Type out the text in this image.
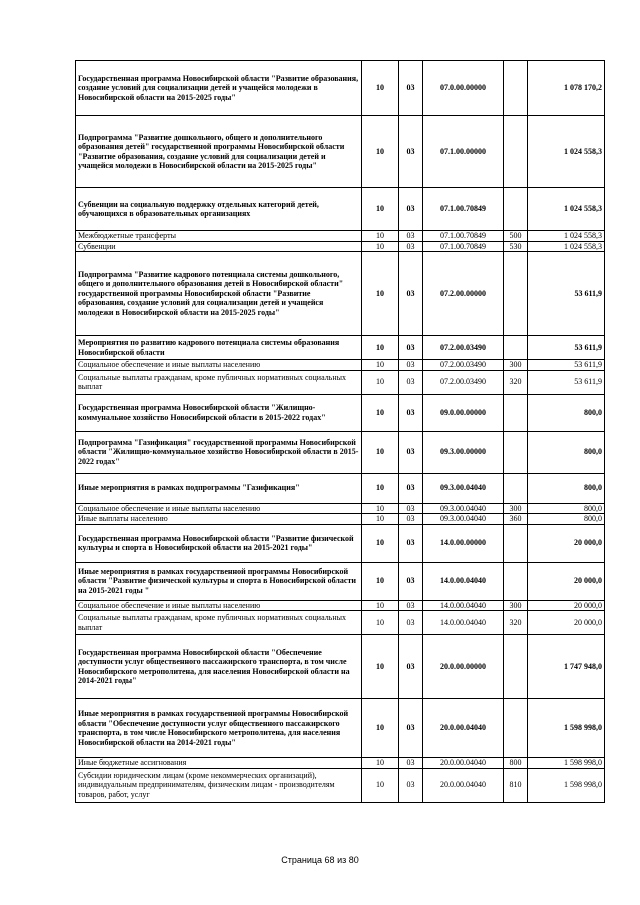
Государственная программа Новосибирской области "Развитие образования, создание условий для социализации детей и учащейся молодежи в Новосибирской области на 2015-2025 годы"	10	03	07.0.00.00000		1 078 170,2
Подпрограмма "Развитие дошкольного, общего и дополнительного образования детей" государственной программы Новосибирской области "Развитие образования, создание условий для социализации детей и учащейся молодежи в Новосибирской области на 2015-2025 годы"	10	03	07.1.00.00000		1 024 558,3
Субвенции на социальную поддержку отдельных категорий детей, обучающихся в образовательных организациях	10	03	07.1.00.70849		1 024 558,3
Межбюджетные трансферты	10	03	07.1.00.70849	500	1 024 558,3
Субвенции	10	03	07.1.00.70849	530	1 024 558,3
Подпрограмма "Развитие кадрового потенциала системы дошкольного, общего и дополнительного образования детей в Новосибирской области" государственной программы Новосибирской области "Развитие образования, создание условий для социализации детей и учащейся молодежи в Новосибирской области на 2015-2025 годы"	10	03	07.2.00.00000		53 611,9
Мероприятия по развитию кадрового потенциала системы образования Новосибирской области	10	03	07.2.00.03490		53 611,9
Социальное обеспечение и иные выплаты населению	10	03	07.2.00.03490	300	53 611,9
Социальные выплаты гражданам, кроме публичных нормативных социальных выплат	10	03	07.2.00.03490	320	53 611,9
Государственная программа Новосибирской области "Жилищно-коммунальное хозяйство Новосибирской области в 2015-2022 годах"	10	03	09.0.00.00000		800,0
Подпрограмма "Газификация" государственной программы Новосибирской области "Жилищно-коммунальное хозяйство Новосибирской области в 2015-2022 годах"	10	03	09.3.00.00000		800,0
Иные мероприятия в рамках подпрограммы "Газификация"	10	03	09.3.00.04040		800,0
Социальное обеспечение и иные выплаты населению	10	03	09.3.00.04040	300	800,0
Иные выплаты населению	10	03	09.3.00.04040	360	800,0
Государственная программа Новосибирской области "Развитие физической культуры и спорта в Новосибирской области на 2015-2021 годы"	10	03	14.0.00.00000		20 000,0
Иные мероприятия в рамках государственной программы Новосибирской области "Развитие физической культуры и спорта в Новосибирской области на 2015-2021 годы "	10	03	14.0.00.04040		20 000,0
Социальное обеспечение и иные выплаты населению	10	03	14.0.00.04040	300	20 000,0
Социальные выплаты гражданам, кроме публичных нормативных социальных выплат	10	03	14.0.00.04040	320	20 000,0
Государственная программа Новосибирской области "Обеспечение доступности услуг общественного пассажирского транспорта, в том числе Новосибирского метрополитена, для населения Новосибирской области на 2014-2021 годы"	10	03	20.0.00.00000		1 747 948,0
Иные мероприятия в рамках государственной программы Новосибирской области "Обеспечение доступности услуг общественного пассажирского транспорта, в том числе Новосибирского метрополитена, для населения Новосибирской области на 2014-2021 годы"	10	03	20.0.00.04040		1 598 998,0
Иные бюджетные ассигнования	10	03	20.0.00.04040	800	1 598 998,0
Субсидии юридическим лицам (кроме некоммерческих организаций), индивидуальным предпринимателям, физическим лицам - производителям товаров, работ, услуг	10	03	20.0.00.04040	810	1 598 998,0
Страница 68 из 80
